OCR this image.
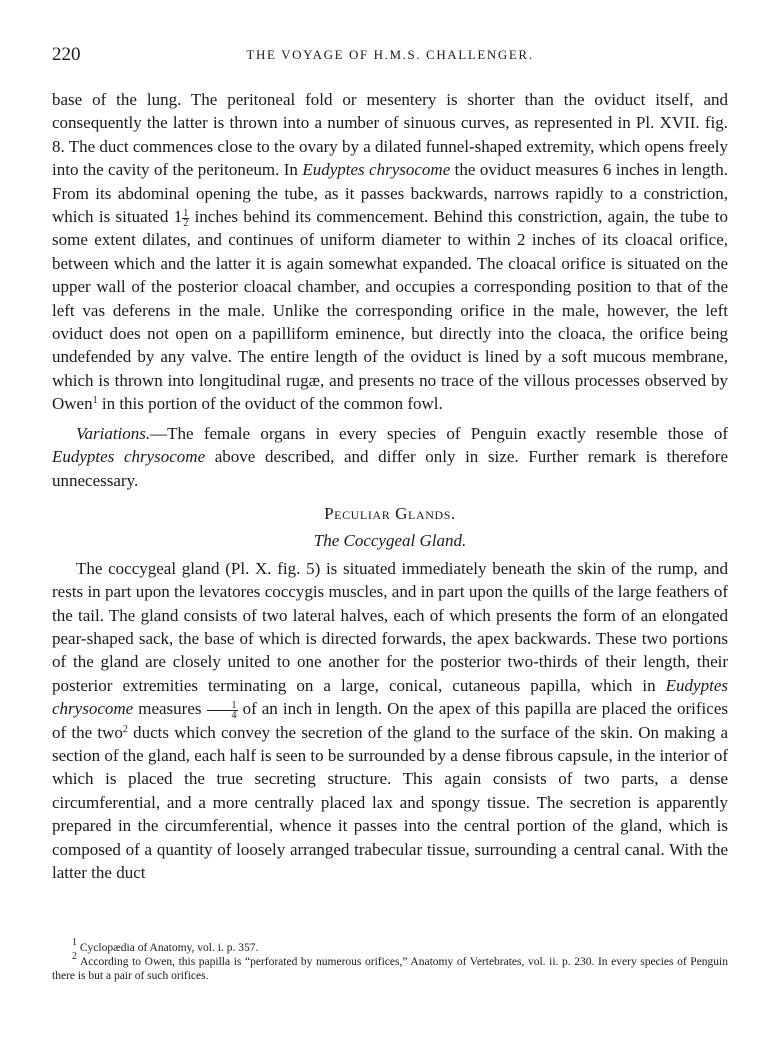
220	THE VOYAGE OF H.M.S. CHALLENGER.

base of the lung. The peritoneal fold or mesentery is shorter than the oviduct itself, and consequently the latter is thrown into a number of sinuous curves, as represented in Pl. XVII. fig. 8. The duct commences close to the ovary by a dilated funnel-shaped extremity, which opens freely into the cavity of the peritoneum. In Eudyptes chrysocome the oviduct measures 6 inches in length. From its abdominal opening the tube, as it passes backwards, narrows rapidly to a constriction, which is situated $1 \frac{1}{2}$ inches behind its commencement. Behind this constriction, again, the tube to some extent dilates, and continues of uniform diameter to within 2 inches of its cloacal orifice, between which and the latter it is again somewhat expanded. The cloacal orifice is situated on the upper wall of the posterior cloacal chamber, and occupies a corresponding position to that of the left vas deferens in the male. Unlike the corresponding orifice in the male, however, the left oviduct does not open on a papilliform eminence, but directly into the cloaca, the orifice being undefended by any valve. The entire length of the oviduct is lined by a soft mucous membrane, which is thrown into longitudinal rugæ, and presents no trace of the villous processes observed by Owen$^1$ in this portion of the oviduct of the common fowl.

Variations.—The female organs in every species of Penguin exactly resemble those of Eudyptes chrysocome above described, and differ only in size. Further remark is therefore unnecessary.

Peculiar Glands.

The Coccygeal Gland.

The coccygeal gland (Pl. X. fig. 5) is situated immediately beneath the skin of the rump, and rests in part upon the levatores coccygis muscles, and in part upon the quills of the large feathers of the tail. The gland consists of two lateral halves, each of which presents the form of an elongated pear-shaped sack, the base of which is directed forwards, the apex backwards. These two portions of the gland are closely united to one another for the posterior two-thirds of their length, their posterior extremities terminating on a large, conical, cutaneous papilla, which in Eudyptes chrysocome measures $\frac{1}{4}$ of an inch in length. On the apex of this papilla are placed the orifices of the two$^2$ ducts which convey the secretion of the gland to the surface of the skin. On making a section of the gland, each half is seen to be surrounded by a dense fibrous capsule, in the interior of which is placed the true secreting structure. This again consists of two parts, a dense circumferential, and a more centrally placed lax and spongy tissue. The secretion is apparently prepared in the circumferential, whence it passes into the central portion of the gland, which is composed of a quantity of loosely arranged trabecular tissue, surrounding a central canal. With the latter the duct

$^1$ Cyclopædia of Anatomy, vol. i. p. 357.

$^2$ According to Owen, this papilla is “perforated by numerous orifices,” Anatomy of Vertebrates, vol. ii. p. 230. In every species of Penguin there is but a pair of such orifices.
